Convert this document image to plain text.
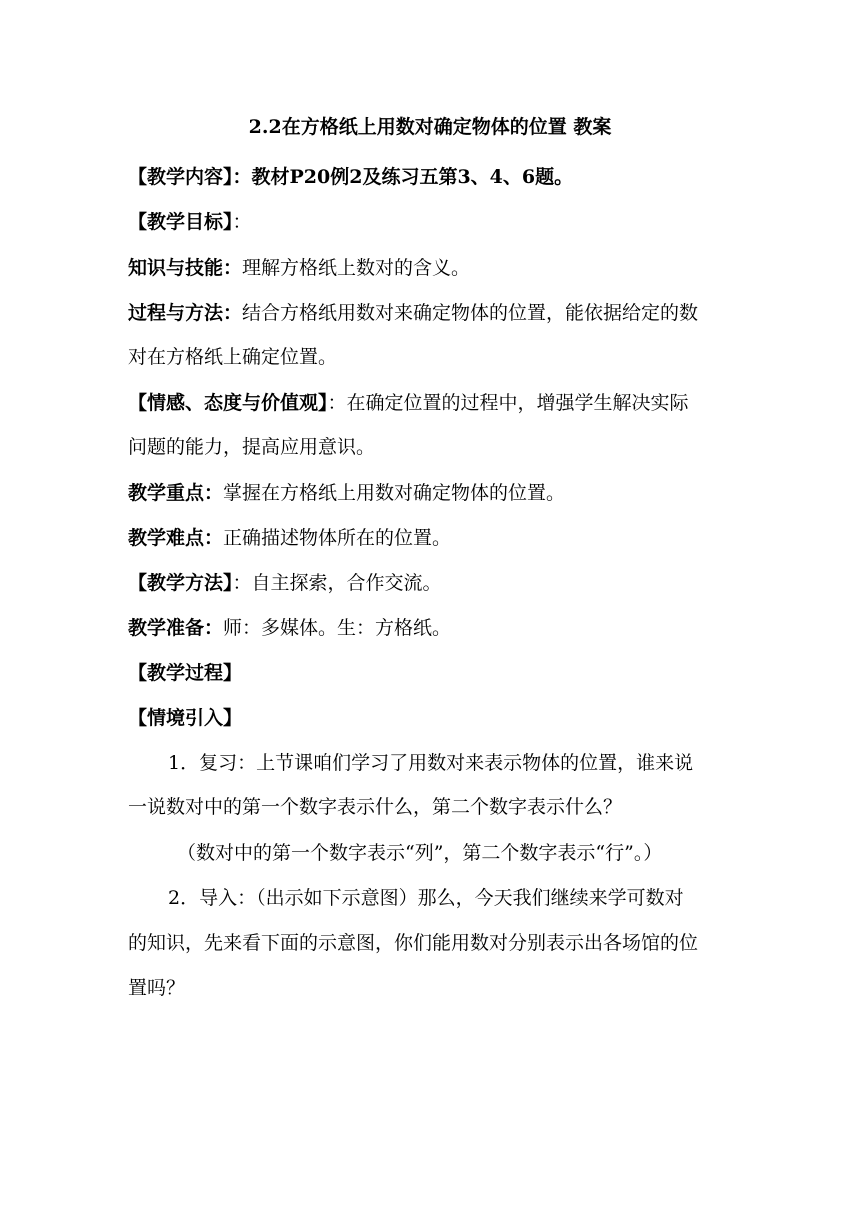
2.2在方格纸上用数对确定物体的位置 教案
【教学内容】：教材P20例2及练习五第3、4、6题。
【教学目标】：
知识与技能：理解方格纸上数对的含义。
过程与方法：结合方格纸用数对来确定物体的位置，能依据给定的数
对在方格纸上确定位置。
【情感、态度与价值观】：在确定位置的过程中，增强学生解决实际
问题的能力，提高应用意识。
教学重点：掌握在方格纸上用数对确定物体的位置。
教学难点：正确描述物体所在的位置。
【教学方法】：自主探索，合作交流。
教学准备：师：多媒体。生：方格纸。
【教学过程】
【情境引入】
1．复习：上节课咱们学习了用数对来表示物体的位置，谁来说
一说数对中的第一个数字表示什么，第二个数字表示什么？
（数对中的第一个数字表示“列”，第二个数字表示“行”。）
2．导入：（出示如下示意图）那么，今天我们继续来学可数对
的知识，先来看下面的示意图，你们能用数对分别表示出各场馆的位
置吗？
